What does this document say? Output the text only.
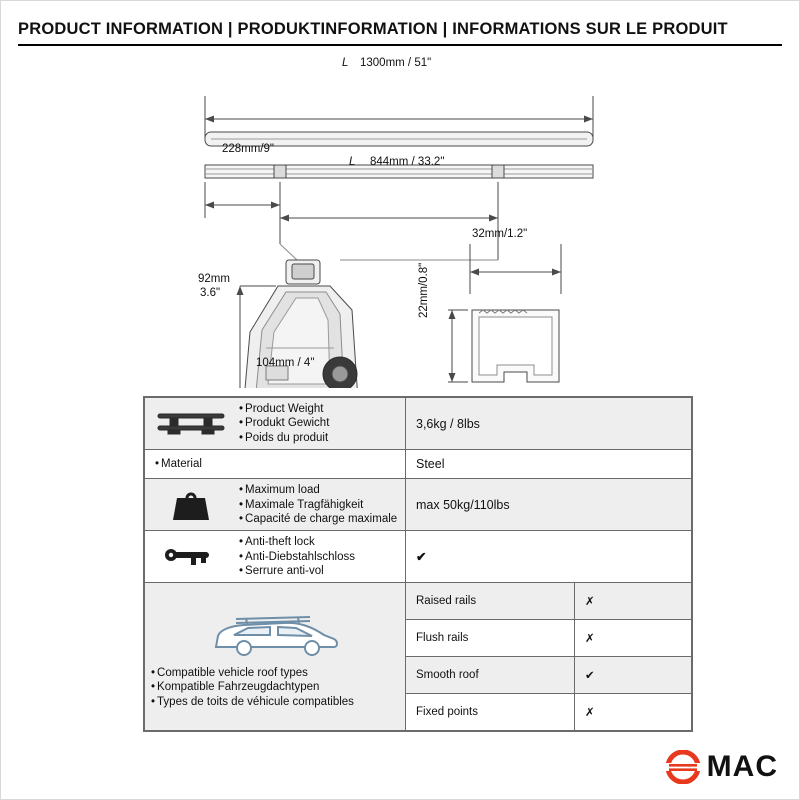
PRODUCT INFORMATION | PRODUKTINFORMATION | INFORMATIONS SUR LE PRODUIT
L 1300mm / 51"
228mm/9"
L 844mm / 33.2"
92mm
3.6"
104mm / 4"
32mm/1.2"
22mm/0.8"
• Product Weight
• Produkt Gewicht
• Poids du produit
	3,6kg / 8lbs
• Material	Steel

• Maximum load
• Maximale Tragfähigkeit
• Capacité de charge maximale
	max 50kg/110lbs

• Anti-theft lock
• Anti-Diebstahlschloss
• Serrure anti-vol
	✔

• Compatible vehicle roof types
• Kompatible Fahrzeugdachtypen
• Types de toits de véhicule compatibles

Raised rails	✗
Flush rails	✗
Smooth roof	✔
Fixed points	✗
MAC
